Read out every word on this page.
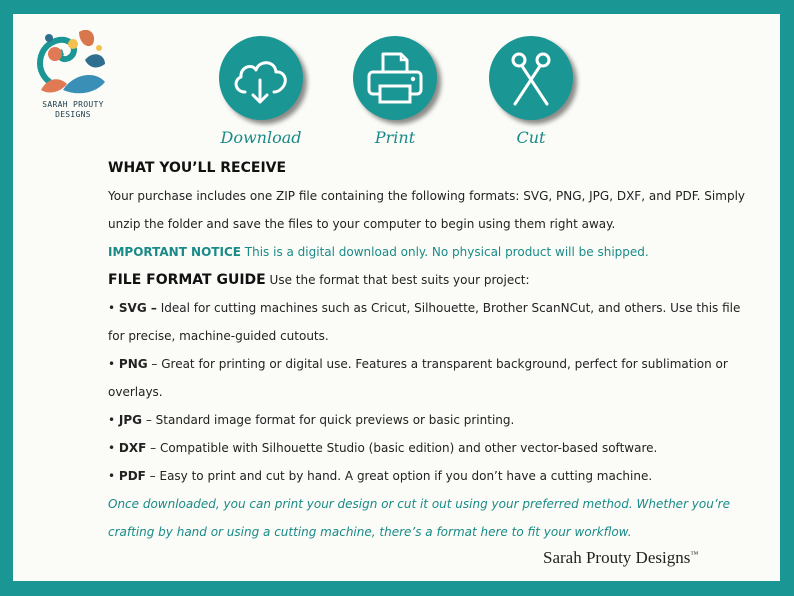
SARAH PROUTY
DESIGNS
Download	Print	Cut

WHAT YOU’LL RECEIVE

Your purchase includes one ZIP file containing the following formats: SVG, PNG, JPG, DXF, and PDF. Simply unzip the folder and save the files to your computer to begin using them right away.

IMPORTANT NOTICE This is a digital download only. No physical product will be shipped.

FILE FORMAT GUIDE Use the format that best suits your project:

• SVG – Ideal for cutting machines such as Cricut, Silhouette, Brother ScanNCut, and others. Use this file for precise, machine-guided cutouts.

• PNG – Great for printing or digital use. Features a transparent background, perfect for sublimation or overlays.

• JPG – Standard image format for quick previews or basic printing.

• DXF – Compatible with Silhouette Studio (basic edition) and other vector-based software.

• PDF – Easy to print and cut by hand. A great option if you don’t have a cutting machine.

Once downloaded, you can print your design or cut it out using your preferred method. Whether you’re crafting by hand or using a cutting machine, there’s a format here to fit your workflow.

Sarah Prouty Designs™
